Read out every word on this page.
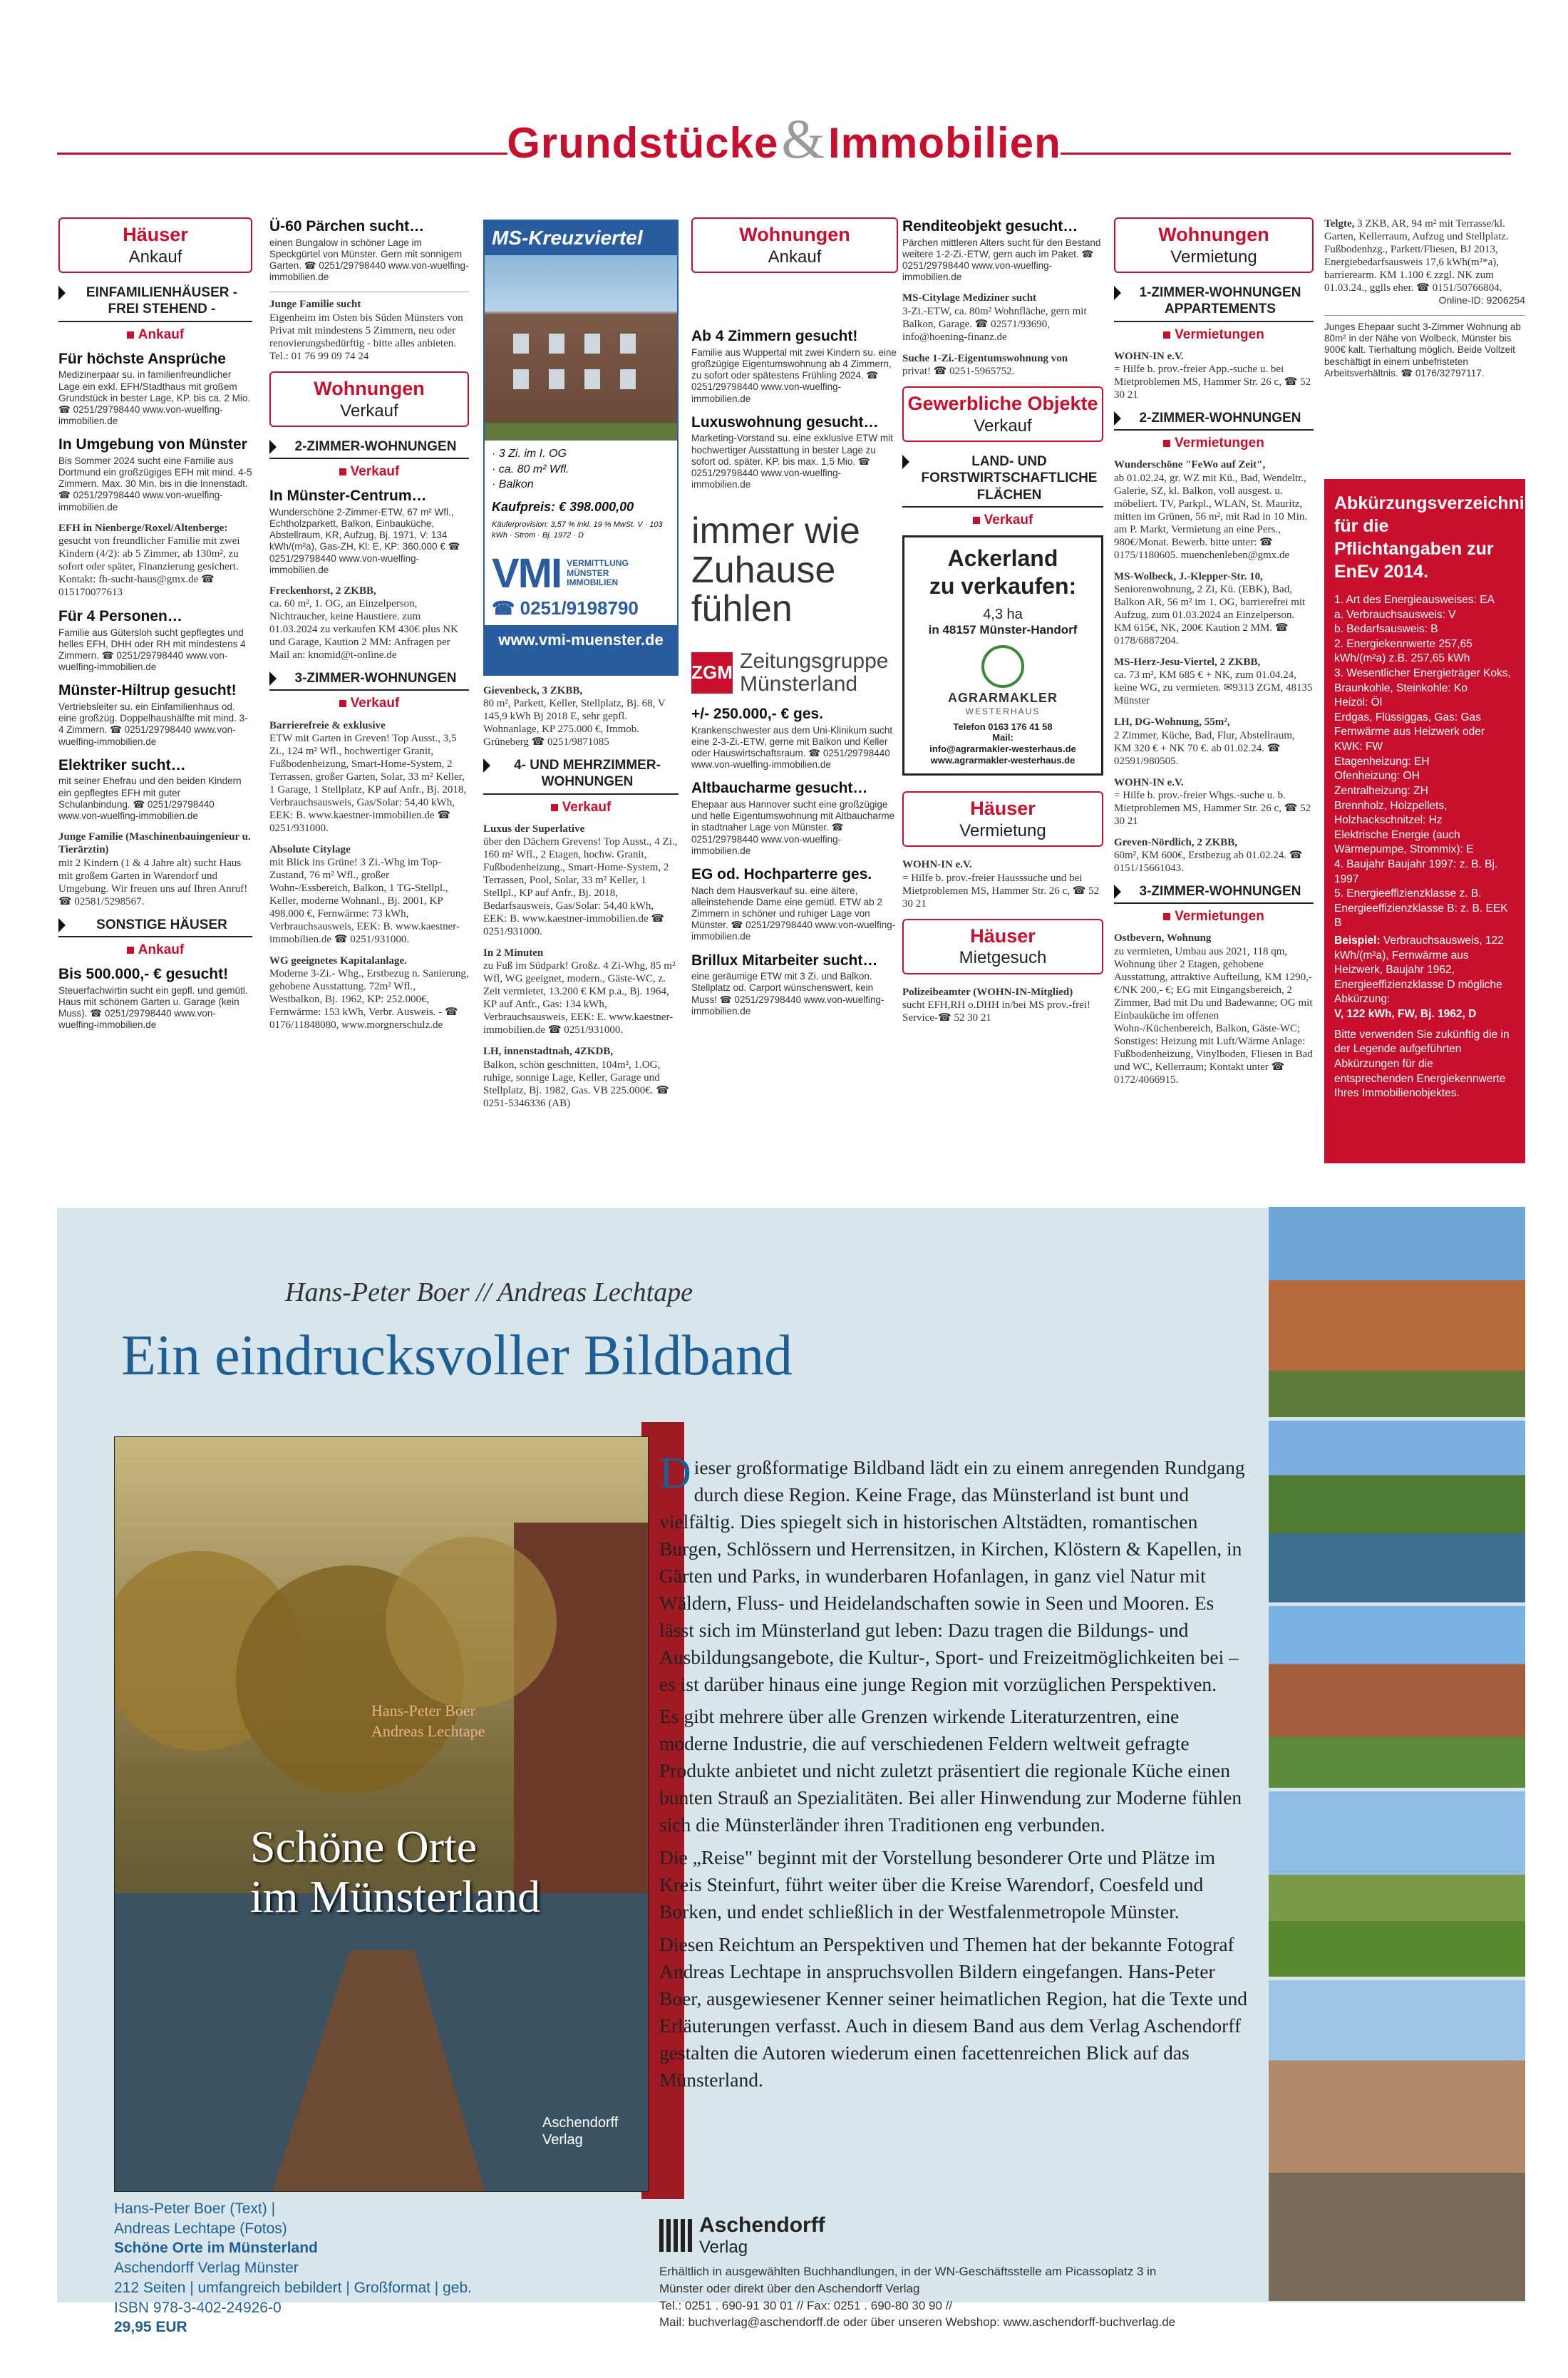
Grundstücke&Immobilien
Häuser
Ankauf
EINFAMILIENHÄUSER - FREI STEHEND -
Ankauf
Für höchste Ansprüche
Medizinerpaar su. in familienfreundlicher Lage ein exkl. EFH/Stadthaus mit großem Grundstück in bester Lage, KP. bis ca. 2 Mio. ☎ 0251/29798440 www.von-wuelfing-immobilien.de
In Umgebung von Münster
Bis Sommer 2024 sucht eine Familie aus Dortmund ein großzügiges EFH mit mind. 4-5 Zimmern. Max. 30 Min. bis in die Innenstadt. ☎ 0251/29798440 www.von-wuelfing-immobilien.de
EFH in Nienberge/Roxel/Altenberge:
gesucht von freundlicher Familie mit zwei Kindern (4/2): ab 5 Zimmer, ab 130m², zu sofort oder später, Finanzierung gesichert. Kontakt: fh-sucht-haus@gmx.de ☎ 015170077613
Für 4 Personen…
Familie aus Gütersloh sucht gepflegtes und helles EFH, DHH oder RH mit mindestens 4 Zimmern. ☎ 0251/29798440 www.von-wuelfing-immobilien.de
Münster-Hiltrup gesucht!
Vertriebsleiter su. ein Einfamilienhaus od. eine großzüg. Doppelhaushälfte mit mind. 3-4 Zimmern. ☎ 0251/29798440 www.von-wuelfing-immobilien.de
Elektriker sucht…
mit seiner Ehefrau und den beiden Kindern ein gepflegtes EFH mit guter Schulanbindung. ☎ 0251/29798440 www.von-wuelfing-immobilien.de
Junge Familie (Maschinenbauingenieur u. Tierärztin)
mit 2 Kindern (1 & 4 Jahre alt) sucht Haus mit großem Garten in Warendorf und Umgebung. Wir freuen uns auf Ihren Anruf! ☎ 02581/5298567.
SONSTIGE HÄUSER
Ankauf
Bis 500.000,- € gesucht!
Steuerfachwirtin sucht ein gepfl. und gemütl. Haus mit schönem Garten u. Garage (kein Muss). ☎ 0251/29798440 www.von-wuelfing-immobilien.de
Ü-60 Pärchen sucht…
einen Bungalow in schöner Lage im Speckgürtel von Münster. Gern mit sonnigem Garten. ☎ 0251/29798440 www.von-wuelfing-immobilien.de
Junge Familie sucht
Eigenheim im Osten bis Süden Münsters von Privat mit mindestens 5 Zimmern, neu oder renovierungsbedürftig - bitte alles anbieten. Tel.: 01 76 99 09 74 24
Wohnungen
Verkauf
2-ZIMMER-WOHNUNGEN
Verkauf
In Münster-Centrum…
Wunderschöne 2-Zimmer-ETW, 67 m² Wfl., Echtholzparkett, Balkon, Einbauküche, Abstellraum, KR, Aufzug, Bj. 1971, V: 134 kWh/(m²a), Gas-ZH, Kl: E, KP: 360.000 € ☎ 0251/29798440 www.von-wuelfing-immobilien.de
Freckenhorst, 2 ZKBB,
ca. 60 m², 1. OG, an Einzelperson, Nichtraucher, keine Haustiere. zum 01.03.2024 zu verkaufen KM 430€ plus NK und Garage, Kaution 2 MM: Anfragen per Mail an: knomid@t-online.de
3-ZIMMER-WOHNUNGEN
Verkauf
Barrierefreie & exklusive
ETW mit Garten in Greven! Top Ausst., 3,5 Zi., 124 m² Wfl., hochwertiger Granit, Fußbodenheizung, Smart-Home-System, 2 Terrassen, großer Garten, Solar, 33 m² Keller, 1 Garage, 1 Stellplatz, KP auf Anfr., Bj. 2018, Verbrauchsausweis, Gas/Solar: 54,40 kWh, EEK: B. www.kaestner-immobilien.de ☎ 0251/931000.
Absolute Citylage
mit Blick ins Grüne! 3 Zi.-Whg im Top-Zustand, 76 m² Wfl., großer Wohn-/Essbereich, Balkon, 1 TG-Stellpl., Keller, moderne Wohnanl., Bj. 2001, KP 498.000 €, Fernwärme: 73 kWh, Verbrauchsausweis, EEK: B. www.kaestner-immobilien.de ☎ 0251/931000.
WG geeignetes Kapitalanlage.
Moderne 3-Zi.- Whg., Erstbezug n. Sanierung, gehobene Ausstattung. 72m² Wfl., Westbalkon, Bj. 1962, KP: 252.000€, Fernwärme: 153 kWh, Verbr. Ausweis. - ☎ 0176/11848080, www.morgnerschulz.de
MS-Kreuzviertel
· 3 Zi. im I. OG
· ca. 80 m² Wfl.
· Balkon
Kaufpreis: € 398.000,00
Käuferprovision: 3,57 % inkl. 19 % MwSt. V · 103 kWh · Strom · Bj. 1972 · D
VMI VERMITTLUNG MÜNSTER IMMOBILIEN
☎ 0251/9198790
www.vmi-muenster.de
Gievenbeck, 3 ZKBB,
80 m², Parkett, Keller, Stellplatz, Bj. 68, V 145,9 kWh Bj 2018 E, sehr gepfl. Wohnanlage, KP 275.000 €, Immob. Grüneberg ☎ 0251/9871085
4- UND MEHRZIMMER-WOHNUNGEN
Verkauf
Luxus der Superlative
über den Dächern Grevens! Top Ausst., 4 Zi., 160 m² Wfl., 2 Etagen, hochw. Granit, Fußbodenheizung., Smart-Home-System, 2 Terrassen, Pool, Solar, 33 m² Keller, 1 Stellpl., KP auf Anfr., Bj. 2018, Bedarfsausweis, Gas/Solar: 54,40 kWh, EEK: B. www.kaestner-immobilien.de ☎ 0251/931000.
In 2 Minuten
zu Fuß im Südpark! Großz. 4 Zi-Whg, 85 m² Wfl, WG geeignet, modern., Gäste-WC, z. Zeit vermietet, 13.200 € KM p.a., Bj. 1964, KP auf Anfr., Gas: 134 kWh, Verbrauchsausweis, EEK: E. www.kaestner-immobilien.de ☎ 0251/931000.
LH, innenstadtnah, 4ZKDB,
Balkon, schön geschnitten, 104m², 1.OG, ruhige, sonnige Lage, Keller, Garage und Stellplatz, Bj. 1982, Gas. VB 225.000€. ☎ 0251-5346336 (AB)
Wohnungen
Ankauf
Ab 4 Zimmern gesucht!
Familie aus Wuppertal mit zwei Kindern su. eine großzügige Eigentumswohnung ab 4 Zimmern, zu sofort oder spätestens Frühling 2024. ☎ 0251/29798440 www.von-wuelfing-immobilien.de
Luxuswohnung gesucht…
Marketing-Vorstand su. eine exklusive ETW mit hochwertiger Ausstattung in bester Lage zu sofort od. später. KP. bis max. 1,5 Mio. ☎ 0251/29798440 www.von-wuelfing-immobilien.de
immer wie
Zuhause
fühlen
ZGM Zeitungsgruppe
Münsterland
+/- 250.000,- € ges.
Krankenschwester aus dem Uni-Klinikum sucht eine 2-3-Zi.-ETW, gerne mit Balkon und Keller oder Hauswirtschaftsraum. ☎ 0251/29798440 www.von-wuelfing-immobilien.de
Altbaucharme gesucht…
Ehepaar aus Hannover sucht eine großzügige und helle Eigentumswohnung mit Altbaucharme in stadtnaher Lage von Münster. ☎ 0251/29798440 www.von-wuelfing-immobilien.de
EG od. Hochparterre ges.
Nach dem Hausverkauf su. eine ältere, alleinstehende Dame eine gemütl. ETW ab 2 Zimmern in schöner und ruhiger Lage von Münster. ☎ 0251/29798440 www.von-wuelfing-immobilien.de
Brillux Mitarbeiter sucht…
eine geräumige ETW mit 3 Zi. und Balkon. Stellplatz od. Carport wünschenswert, kein Muss! ☎ 0251/29798440 www.von-wuelfing-immobilien.de
Renditeobjekt gesucht…
Pärchen mittleren Alters sucht für den Bestand weitere 1-2-Zi.-ETW, gern auch im Paket. ☎ 0251/29798440 www.von-wuelfing-immobilien.de
MS-Citylage Mediziner sucht
3-Zi.-ETW, ca. 80m² Wohnfläche, gern mit Balkon, Garage. ☎ 02571/93690, info@hoening-finanz.de
Suche 1-Zi.-Eigentumswohnung von
privat! ☎ 0251-5965752.
Gewerbliche Objekte
Verkauf
LAND- UND FORSTWIRTSCHAFTLICHE FLÄCHEN
Verkauf
Ackerland
zu verkaufen:
4,3 ha
in 48157 Münster-Handorf
AGRARMAKLER
WESTERHAUS
Telefon 0163 176 41 58
Mail:
info@agrarmakler-westerhaus.de
www.agrarmakler-westerhaus.de
Häuser
Vermietung
WOHN-IN e.V.
= Hilfe b. prov.-freier Hausssuche und bei Mietproblemen MS, Hammer Str. 26 c, ☎ 52 30 21
Häuser
Mietgesuch
Polizeibeamter (WOHN-IN-Mitglied)
sucht EFH,RH o.DHH in/bei MS prov.-frei! Service-☎ 52 30 21
Wohnungen
Vermietung
1-ZIMMER-WOHNUNGEN APPARTEMENTS
Vermietungen
WOHN-IN e.V.
= Hilfe b. prov.-freier App.-suche u. bei Mietproblemen MS, Hammer Str. 26 c, ☎ 52 30 21
2-ZIMMER-WOHNUNGEN
Vermietungen
Wunderschöne "FeWo auf Zeit",
ab 01.02.24, gr. WZ mit Kü., Bad, Wendeltr., Galerie, SZ, kl. Balkon, voll ausgest. u. möbeliert. TV, Parkpl., WLAN, St. Mauritz, mitten im Grünen, 56 m², mit Rad in 10 Min. am P. Markt, Vermietung an eine Pers., 980€/Monat. Bewerb. bitte unter: ☎ 0175/1180605. muenchenleben@gmx.de
MS-Wolbeck, J.-Klepper-Str. 10,
Seniorenwohnung, 2 Zi, Kü. (EBK), Bad, Balkon AR, 56 m² im 1. OG, barrierefrei mit Aufzug, zum 01.03.2024 an Einzelperson. KM 615€, NK, 200€ Kaution 2 MM. ☎ 0178/6887204.
MS-Herz-Jesu-Viertel, 2 ZKBB,
ca. 73 m², KM 685 € + NK, zum 01.04.24, keine WG, zu vermieten. ✉9313 ZGM, 48135 Münster
LH, DG-Wohnung, 55m²,
2 Zimmer, Küche, Bad, Flur, Abstellraum, KM 320 € + NK 70 €. ab 01.02.24. ☎ 02591/980505.
WOHN-IN e.V.
= Hilfe b. prov.-freier Whgs.-suche u. b. Mietproblemen MS, Hammer Str. 26 c, ☎ 52 30 21
Greven-Nördlich, 2 ZKBB,
60m², KM 600€, Erstbezug ab 01.02.24. ☎ 0151/15661043.
3-ZIMMER-WOHNUNGEN
Vermietungen
Ostbevern, Wohnung
zu vermieten, Umbau aus 2021, 118 qm, Wohnung über 2 Etagen, gehobene Ausstattung, attraktive Aufteilung, KM 1290,- €/NK 200,- €; EG mit Eingangsbereich, 2 Zimmer, Bad mit Du und Badewanne; OG mit Einbauküche im offenen Wohn-/Küchenbereich, Balkon, Gäste-WC; Sonstiges: Heizung mit Luft/Wärme Anlage: Fußbodenheizung, Vinylboden, Fliesen in Bad und WC, Kellerraum; Kontakt unter ☎ 0172/4066915.
Telgte, 3 ZKB, AR, 94 m² mit Terrasse/kl. Garten, Kellerraum, Aufzug und Stellplatz. Fußbodenhzg., Parkett/Fliesen, BJ 2013, Energiebedarfsausweis 17,6 kWh(m²*a), barrierearm. KM 1.100 € zzgl. NK zum 01.03.24., gglls eher. ☎ 0151/50766804.
Online-ID: 9206254
Junges Ehepaar sucht 3-Zimmer Wohnung ab 80m² in der Nähe von Wolbeck, Münster bis 900€ kalt. Tierhaltung möglich. Beide Vollzeit beschäftigt in einem unbefristeten Arbeitsverhältnis. ☎ 0176/32797117.
Abkürzungsverzeichnis für die Pflichtangaben zur EnEv 2014.
1. Art des Energieausweises: EA
a. Verbrauchsausweis: V
b. Bedarfsausweis: B
2. Energiekennwerte 257,65 kWh/(m²a) z.B. 257,65 kWh
3. Wesentlicher Energieträger Koks, Braunkohle, Steinkohle: Ko
Heizöl: Öl
Erdgas, Flüssiggas, Gas: Gas
Fernwärme aus Heizwerk oder KWK: FW
Etagenheizung: EH
Ofenheizung: OH
Zentralheizung: ZH
Brennholz, Holzpellets, Holzhackschnitzel: Hz
Elektrische Energie (auch Wärmepumpe, Strommix): E
4. Baujahr Baujahr 1997: z. B. Bj. 1997
5. Energieeffizienzklasse z. B. Energieeffizienzklasse B: z. B. EEK B
Beispiel: Verbrauchsausweis, 122 kWh/(m²a), Fernwärme aus Heizwerk, Baujahr 1962, Energieeffizienzklasse D mögliche Abkürzung:
V, 122 kWh, FW, Bj. 1962, D
Bitte verwenden Sie zukünftig die in der Legende aufgeführten Abkürzungen für die entsprechenden Energiekennwerte Ihres Immobilienobjektes.
Hans-Peter Boer // Andreas Lechtape
Ein eindrucksvoller Bildband
Hans-Peter Boer
Andreas Lechtape
Schöne Orte
im Münsterland
Aschendorff
Verlag

Dieser großformatige Bildband lädt ein zu einem anregenden Rundgang durch diese Region. Keine Frage, das Münsterland ist bunt und vielfältig. Dies spiegelt sich in historischen Altstädten, romantischen Burgen, Schlössern und Herrensitzen, in Kirchen, Klöstern & Kapellen, in Gärten und Parks, in wunderbaren Hofanlagen, in ganz viel Natur mit Wäldern, Fluss- und Heidelandschaften sowie in Seen und Mooren. Es lässt sich im Münsterland gut leben: Dazu tragen die Bildungs- und Ausbildungsangebote, die Kultur-, Sport- und Freizeitmöglichkeiten bei – es ist darüber hinaus eine junge Region mit vorzüglichen Perspektiven.

Es gibt mehrere über alle Grenzen wirkende Literaturzentren, eine moderne Industrie, die auf verschiedenen Feldern weltweit gefragte Produkte anbietet und nicht zuletzt präsentiert die regionale Küche einen bunten Strauß an Spezialitäten. Bei aller Hinwendung zur Moderne fühlen sich die Münsterländer ihren Traditionen eng verbunden.

Die „Reise" beginnt mit der Vorstellung besonderer Orte und Plätze im Kreis Steinfurt, führt weiter über die Kreise Warendorf, Coesfeld und Borken, und endet schließlich in der Westfalenmetropole Münster.

Diesen Reichtum an Perspektiven und Themen hat der bekannte Fotograf Andreas Lechtape in anspruchsvollen Bildern eingefangen. Hans-Peter Boer, ausgewiesener Kenner seiner heimatlichen Region, hat die Texte und Erläuterungen verfasst. Auch in diesem Band aus dem Verlag Aschendorff gestalten die Autoren wiederum einen facettenreichen Blick auf das Münsterland.

Hans-Peter Boer (Text) |
Andreas Lechtape (Fotos)
Schöne Orte im Münsterland
Aschendorff Verlag Münster
212 Seiten | umfangreich bebildert | Großformat | geb.
ISBN 978-3-402-24926-0
29,95 EUR
Aschendorff
Verlag
Erhältlich in ausgewählten Buchhandlungen, in der WN-Geschäftsstelle am Picassoplatz 3 in
Münster oder direkt über den Aschendorff Verlag
Tel.: 0251 . 690-91 30 01 // Fax: 0251 . 690-80 30 90 //
Mail: buchverlag@aschendorff.de oder über unseren Webshop: www.aschendorff-buchverlag.de
